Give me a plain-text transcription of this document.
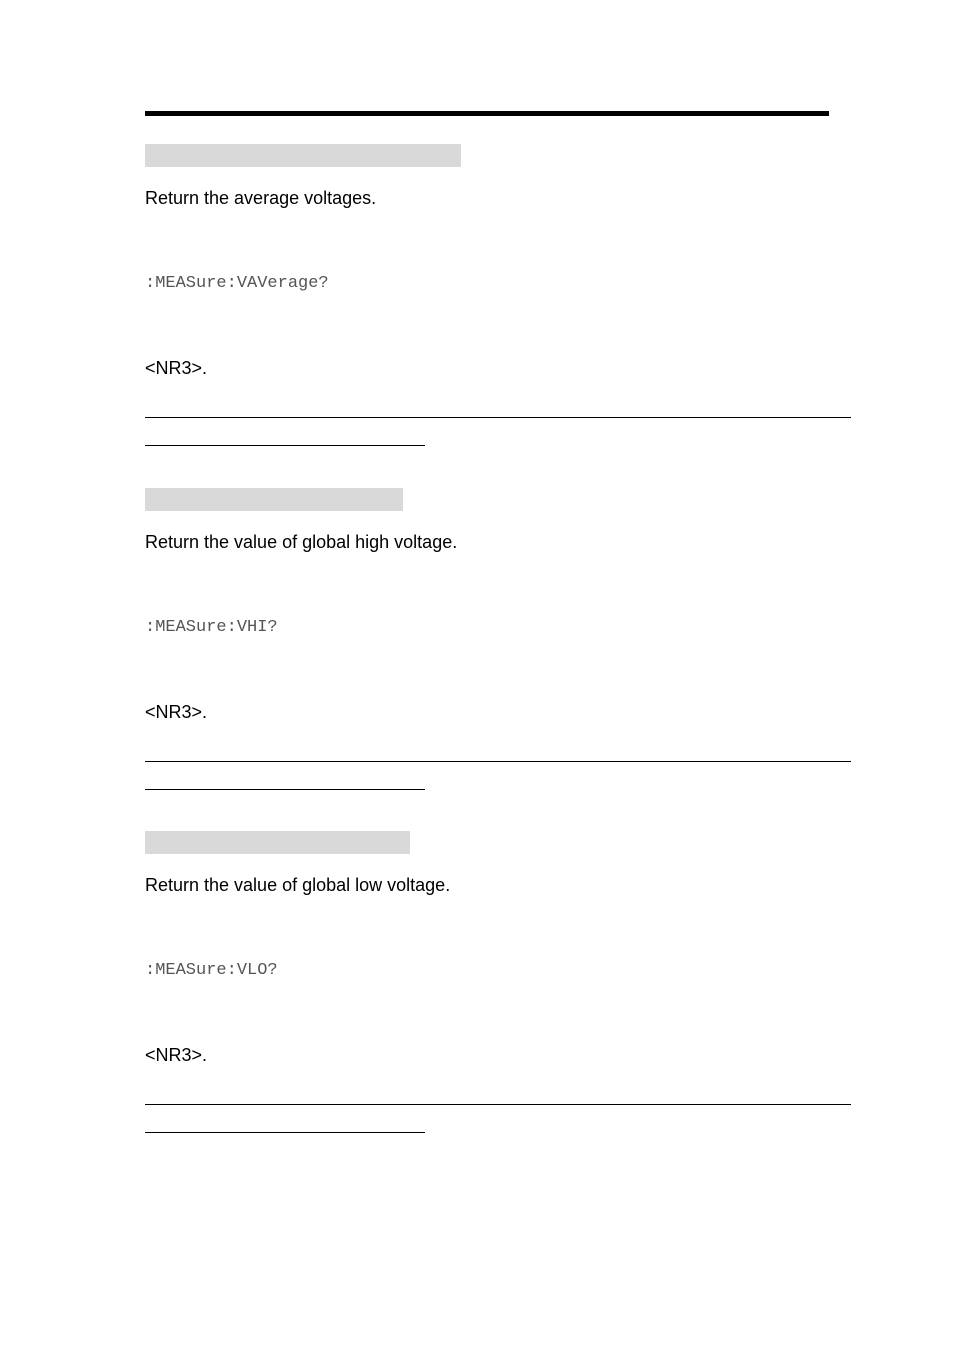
Return the average voltages.
:MEASure:VAVerage?
<NR3>.
Return the value of global high voltage.
:MEASure:VHI?
<NR3>.
Return the value of global low voltage.
:MEASure:VLO?
<NR3>.
